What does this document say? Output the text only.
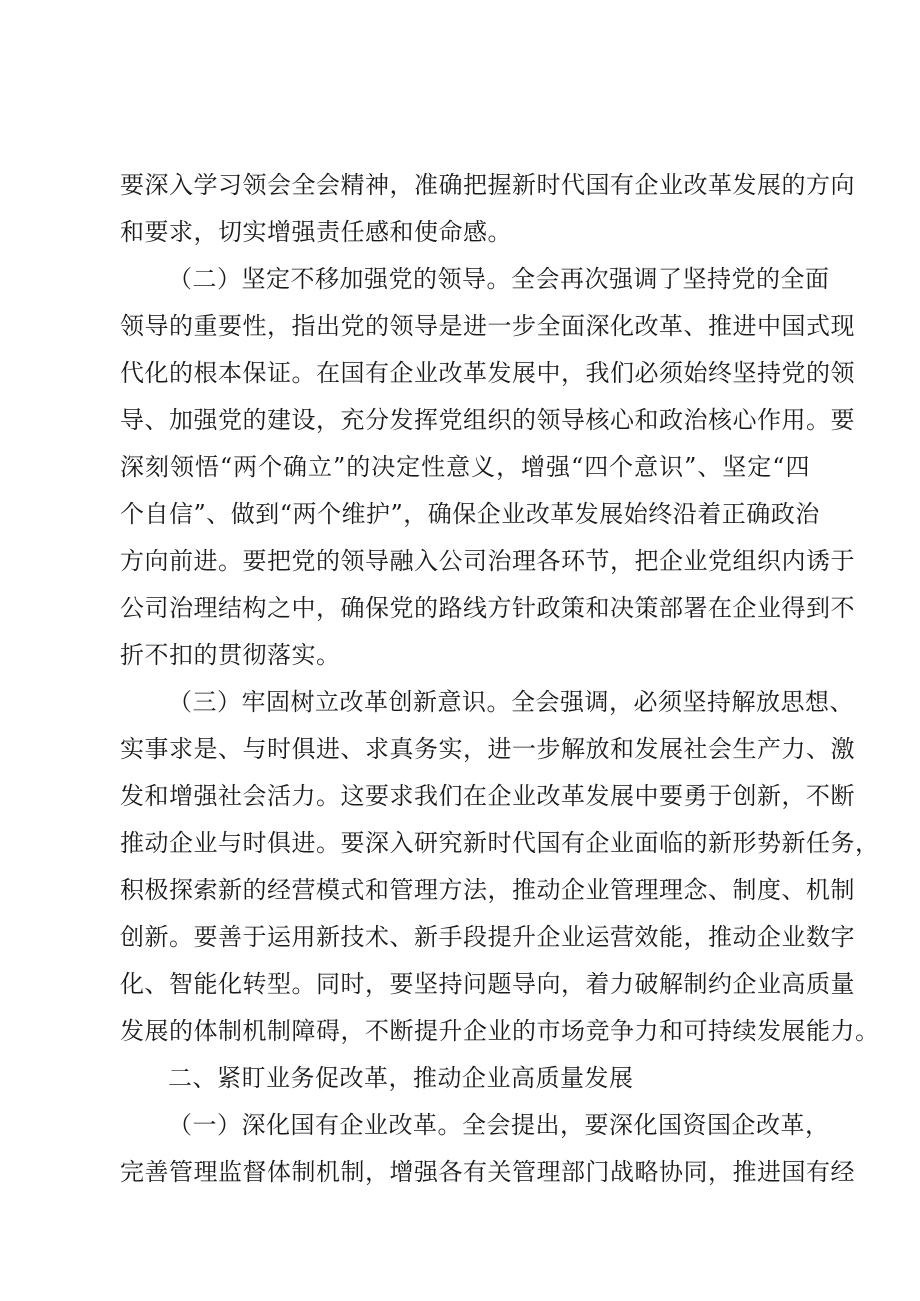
要深入学习领会全会精神，准确把握新时代国有企业改革发展的方向
和要求，切实增强责任感和使命感。
（二）坚定不移加强党的领导。全会再次强调了坚持党的全面
领导的重要性，指出党的领导是进一步全面深化改革、推进中国式现
代化的根本保证。在国有企业改革发展中，我们必须始终坚持党的领
导、加强党的建设，充分发挥党组织的领导核心和政治核心作用。要
深刻领悟“两个确立”的决定性意义，增强“四个意识”、坚定“四
个自信”、做到“两个维护”，确保企业改革发展始终沿着正确政治
方向前进。要把党的领导融入公司治理各环节，把企业党组织内诱于
公司治理结构之中，确保党的路线方针政策和决策部署在企业得到不
折不扣的贯彻落实。
（三）牢固树立改革创新意识。全会强调，必须坚持解放思想、
实事求是、与时俱进、求真务实，进一步解放和发展社会生产力、激
发和增强社会活力。这要求我们在企业改革发展中要勇于创新，不断
推动企业与时俱进。要深入研究新时代国有企业面临的新形势新任务，
积极探索新的经营模式和管理方法，推动企业管理理念、制度、机制
创新。要善于运用新技术、新手段提升企业运营效能，推动企业数字
化、智能化转型。同时，要坚持问题导向，着力破解制约企业高质量
发展的体制机制障碍，不断提升企业的市场竞争力和可持续发展能力。
二、紧盯业务促改革，推动企业高质量发展
（一）深化国有企业改革。全会提出，要深化国资国企改革，
完善管理监督体制机制，增强各有关管理部门战略协同，推进国有经
